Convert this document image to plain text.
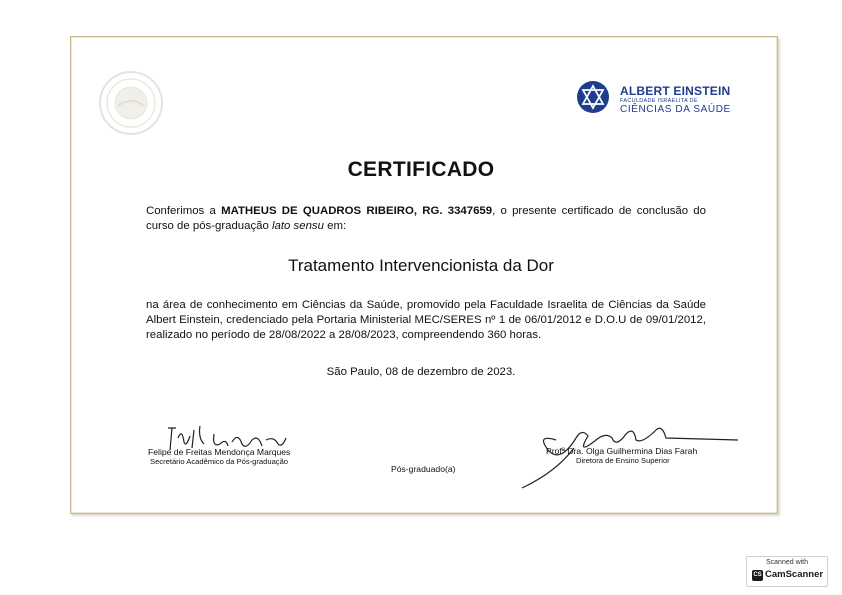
ALBERT EINSTEIN
FACULDADE ISRAELITA DE
CIÊNCIAS DA SAÚDE
CERTIFICADO
Conferimos a MATHEUS DE QUADROS RIBEIRO, RG. 3347659, o presente certificado de conclusão do curso de pós-graduação lato sensu em:
Tratamento Intervencionista da Dor
na área de conhecimento em Ciências da Saúde, promovido pela Faculdade Israelita de Ciências da Saúde Albert Einstein, credenciado pela Portaria Ministerial MEC/SERES nº 1 de 06/01/2012 e D.O.U de 09/01/2012, realizado no período de 28/08/2022 a 28/08/2023, compreendendo 360 horas.
São Paulo, 08 de dezembro de 2023.
Felipe de Freitas Mendonça Marques
Secretário Acadêmico da Pós-graduação
Profª Dra. Olga Guilhermina Dias Farah
Diretora de Ensino Superior
Pós-graduado(a)
Scanned with
CS CamScanner
